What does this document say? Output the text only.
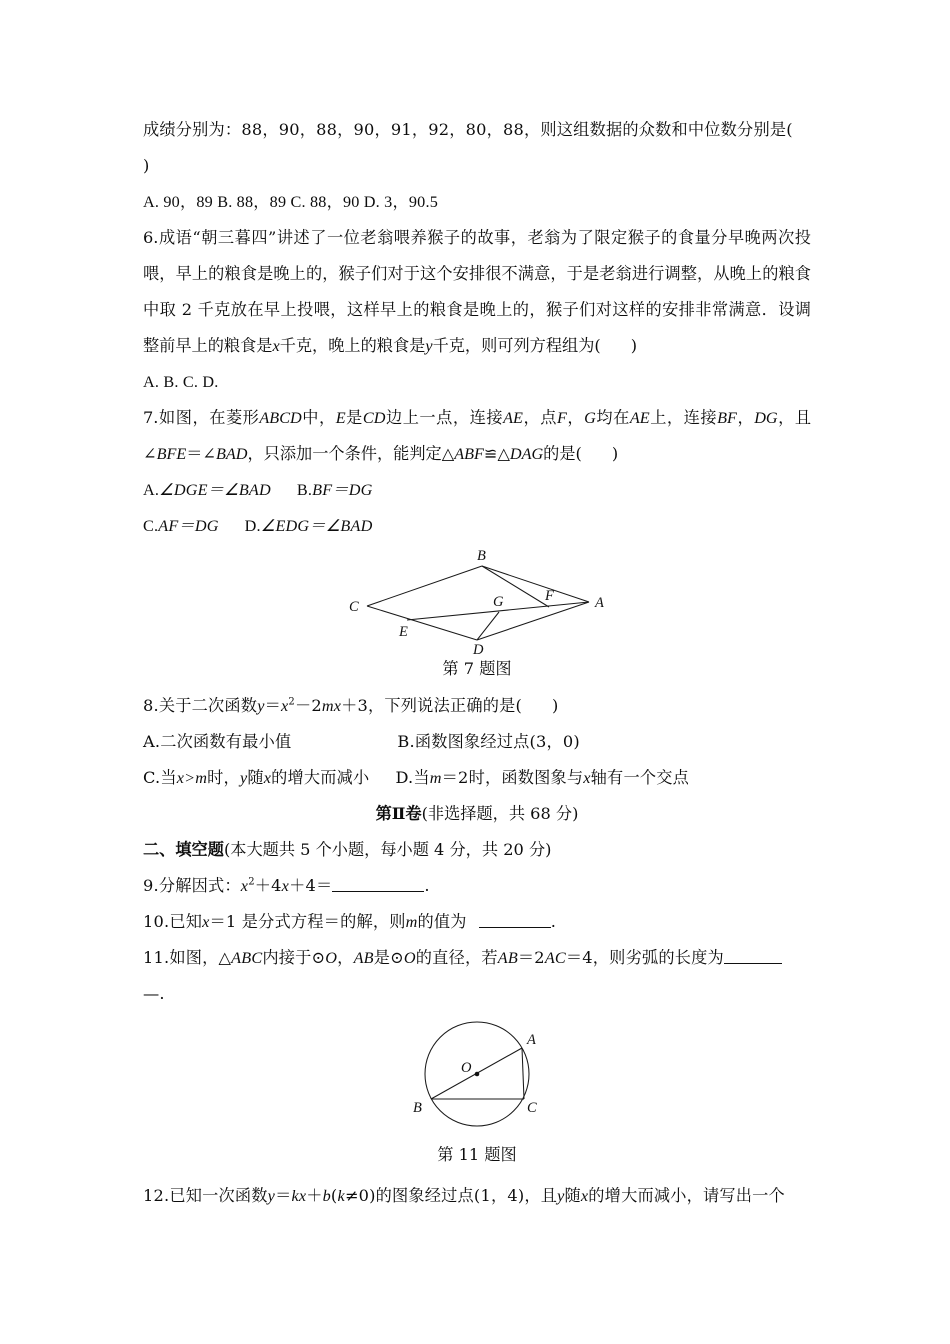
成绩分别为：88，90，88，90，91，92，80，88，则这组数据的众数和中位数分别是(
)
A. 90，89 B. 88，89 C. 88，90 D. 3，90.5
6.成语“朝三暮四”讲述了一位老翁喂养猴子的故事，老翁为了限定猴子的食量分早晚两次投喂，早上的粮食是晚上的，猴子们对于这个安排很不满意，于是老翁进行调整，从晚上的粮食中取 2 千克放在早上投喂，这样早上的粮食是晚上的，猴子们对这样的安排非常满意．设调整前早上的粮食是x千克，晚上的粮食是y千克，则可列方程组为( )
A. B. C. D.
7.如图，在菱形ABCD中，E是CD边上一点，连接AE，点F，G均在AE上，连接BF，DG，且∠BFE＝∠BAD，只添加一个条件，能判定△ABF≌△DAG的是( )
A.∠DGE＝∠BAD B.BF＝DG
C.AF＝DG D.∠EDG＝∠BAD
B
C	A
D
E
F
G
第 7 题图
8.关于二次函数$y=x^2-2mx+3$，下列说法正确的是( )
A.二次函数有最小值	B.函数图象经过点(3，0)
C.当x>m时，y随x的增大而减小 D.当m＝2时，函数图象与x轴有一个交点
第Ⅱ卷(非选择题，共 68 分)
二、填空题(本大题共 5 个小题，每小题 4 分，共 20 分)
9.分解因式：$x^2+4x+4=$	.
10.已知x＝1 是分式方程＝的解，则m的值为	.
11.如图，△ABC内接于⊙O，AB是⊙O的直径，若AB＝2AC＝4，则劣弧的长度为
—.
O
A
B	C
第 11 题图
12.已知一次函数y＝kx＋b(k≠0)的图象经过点(1，4)，且y随x的增大而减小，请写出一个
